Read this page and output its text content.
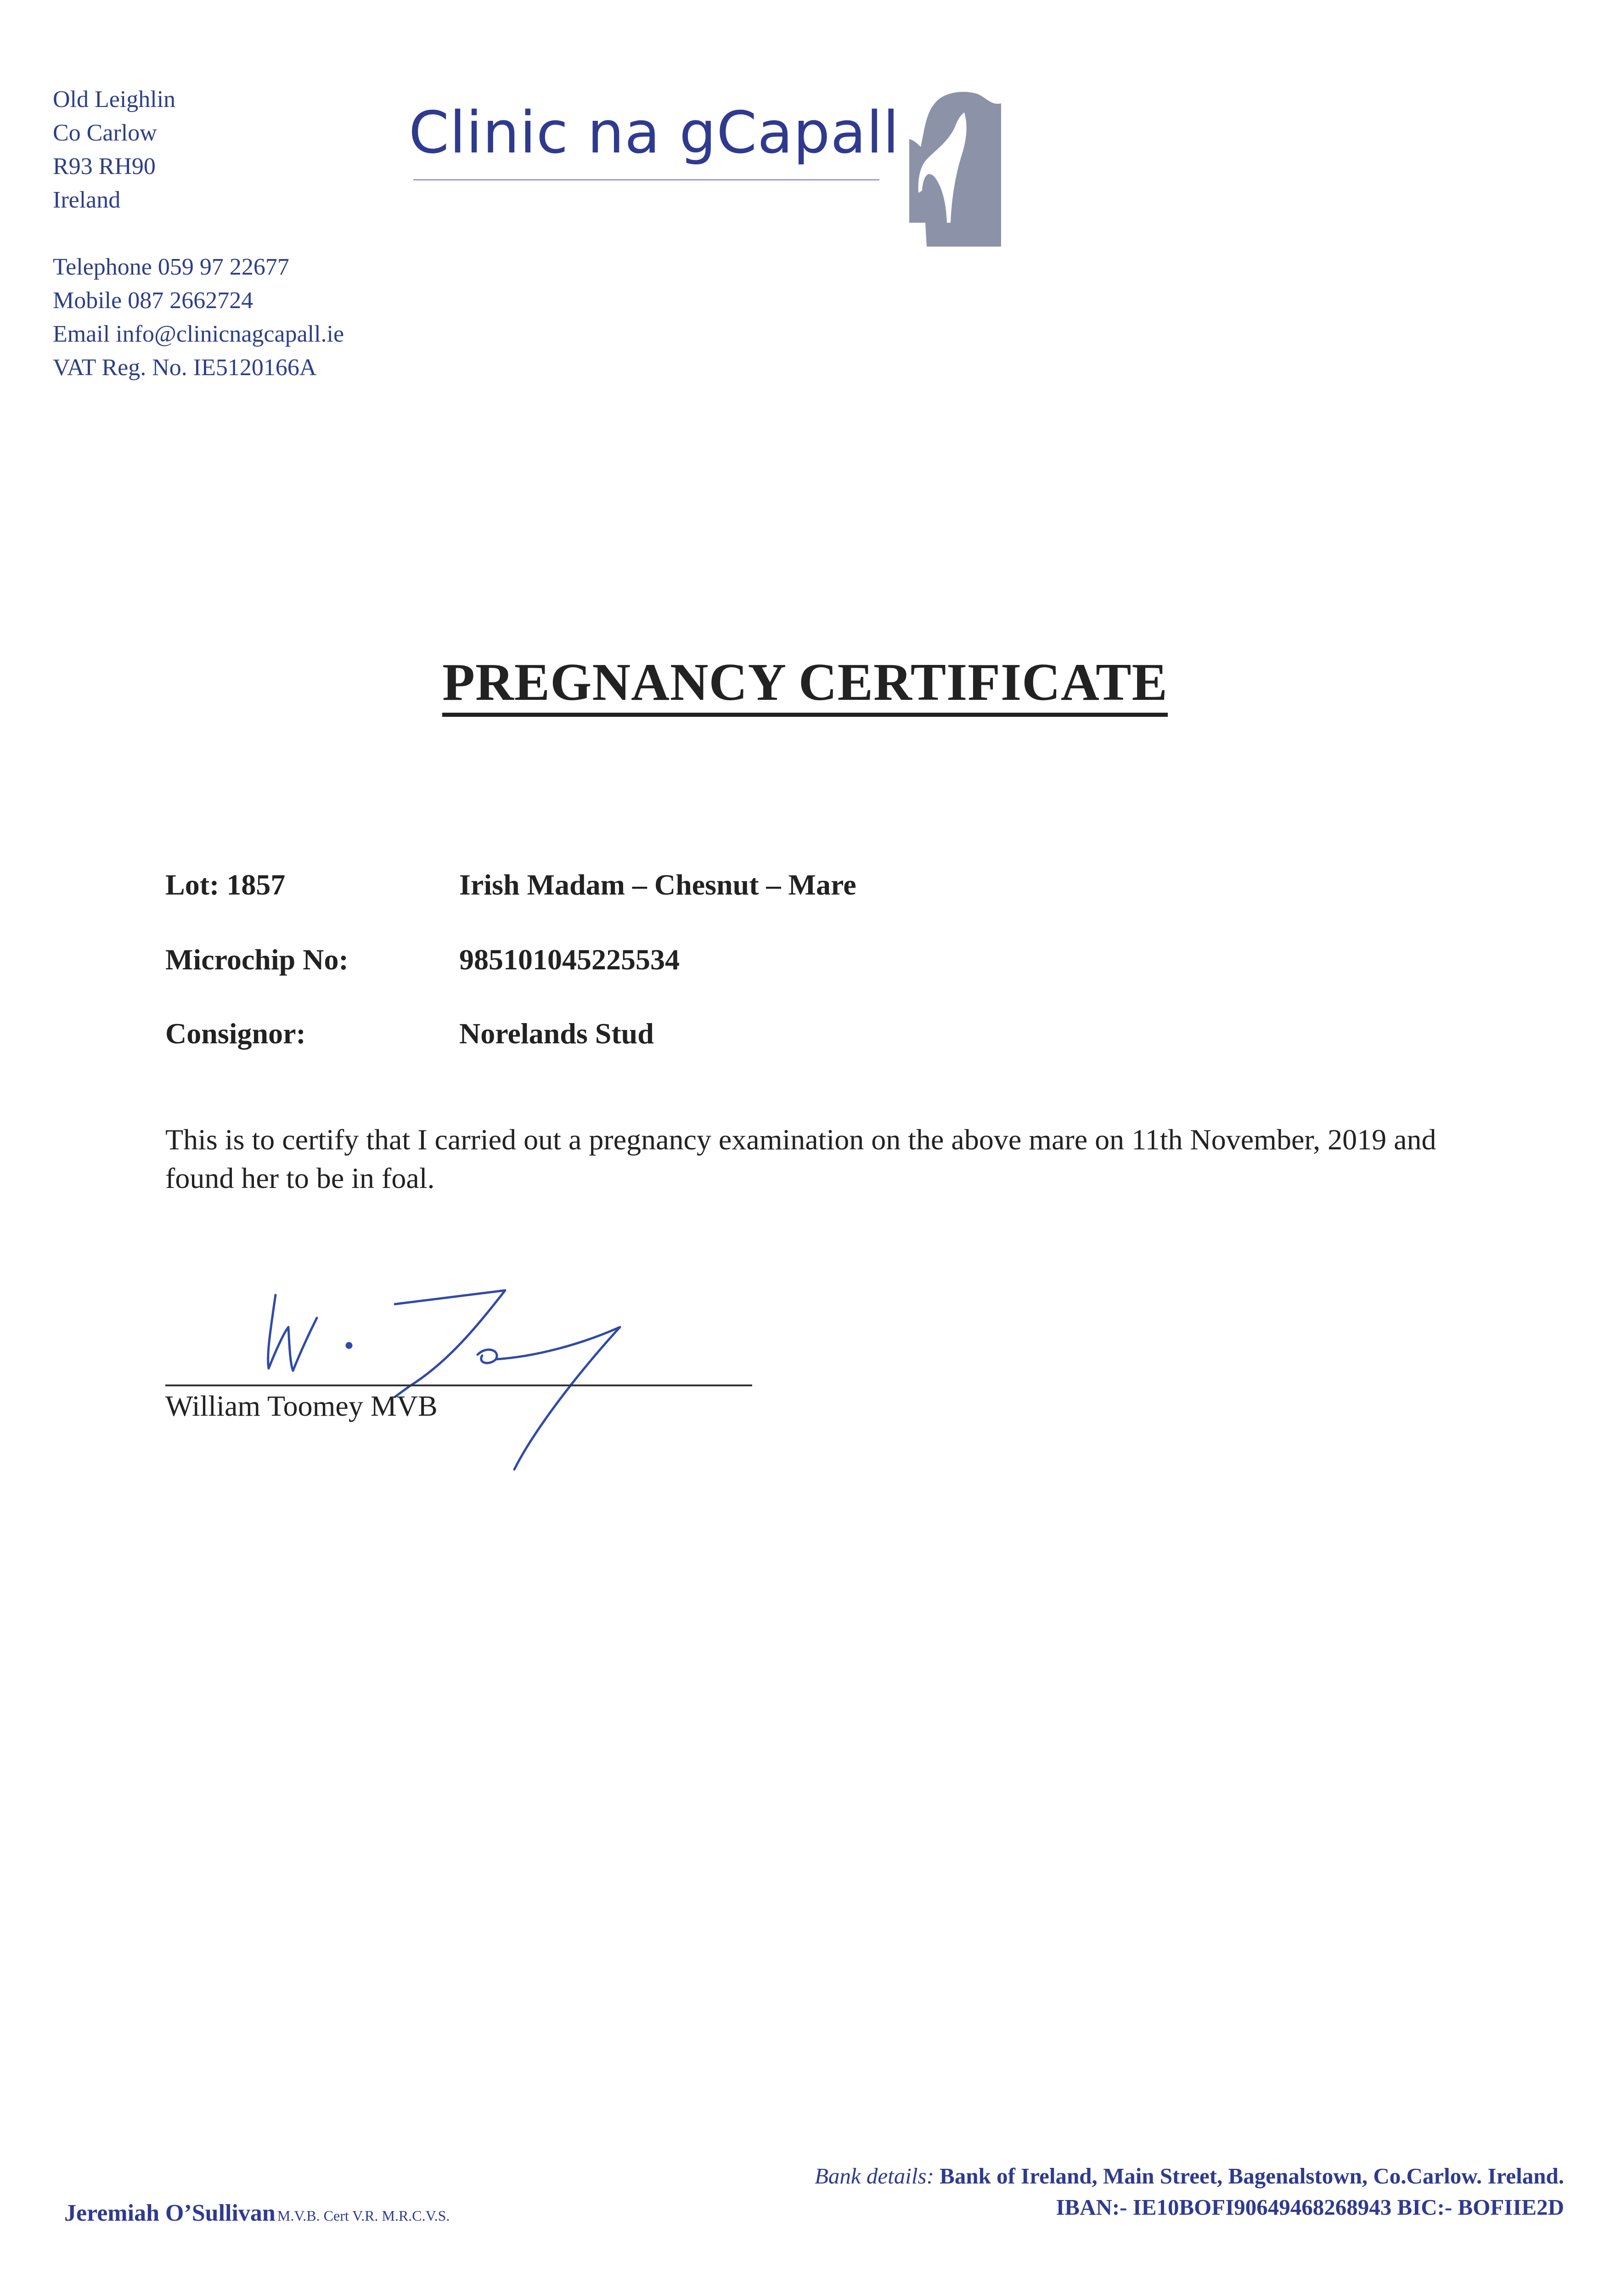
Old Leighlin
Co Carlow
R93 RH90
Ireland
Telephone 059 97 22677
Mobile 087 2662724
Email info@clinicnagcapall.ie
VAT Reg. No. IE5120166A
Clinic na gCapall
PREGNANCY CERTIFICATE
Lot: 1857	Irish Madam – Chesnut – Mare
Microchip No:	985101045225534
Consignor:	Norelands Stud
This is to certify that I carried out a pregnancy examination on the above mare on 11th November, 2019 and found her to be in foal.
William Toomey MVB
Jeremiah O’Sullivan M.V.B. Cert V.R. M.R.C.V.S.
Bank details: Bank of Ireland, Main Street, Bagenalstown, Co.Carlow. Ireland.
IBAN:- IE10BOFI90649468268943 BIC:- BOFIIE2D
